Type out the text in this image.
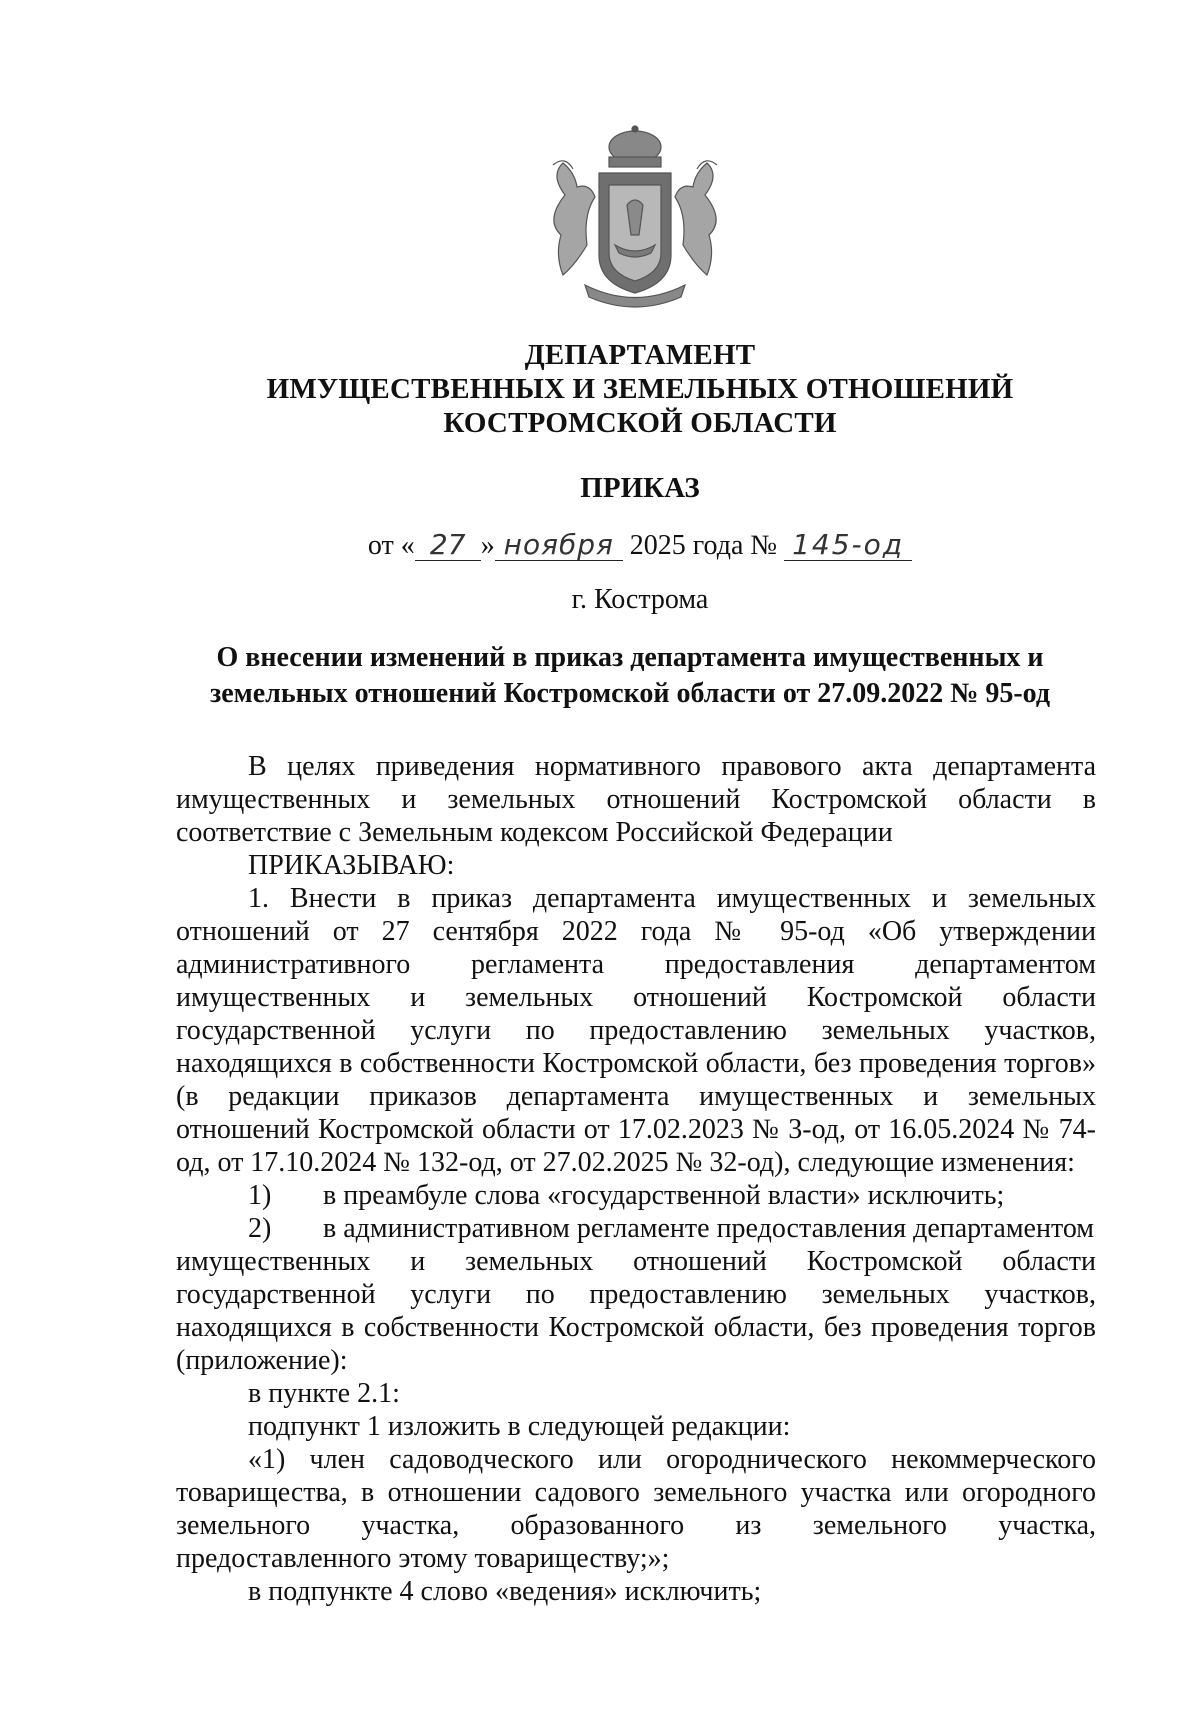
ДЕПАРТАМЕНТ
ИМУЩЕСТВЕННЫХ И ЗЕМЕЛЬНЫХ ОТНОШЕНИЙ
КОСТРОМСКОЙ ОБЛАСТИ
ПРИКАЗ
от « 27 » ноября 2025 года № 145-од
г. Кострома
О внесении изменений в приказ департамента имущественных и
земельных отношений Костромской области от 27.09.2022 № 95-од

В целях приведения нормативного правового акта департамента имущественных и земельных отношений Костромской области в соответствие с Земельным кодексом Российской Федерации

ПРИКАЗЫВАЮ:

1. Внести в приказ департамента имущественных и земельных отношений от 27 сентября 2022 года № 95-од «Об утверждении административного регламента предоставления департаментом имущественных и земельных отношений Костромской области государственной услуги по предоставлению земельных участков, находящихся в собственности Костромской области, без проведения торгов» (в редакции приказов департамента имущественных и земельных отношений Костромской области от 17.02.2023 № 3-од, от 16.05.2024 № 74-од, от 17.10.2024 № 132-од, от 27.02.2025 № 32-од), следующие изменения:

1)	в преамбуле слова «государственной власти» исключить;
2)	в административном регламенте предоставления департаментом

имущественных и земельных отношений Костромской области государственной услуги по предоставлению земельных участков, находящихся в собственности Костромской области, без проведения торгов (приложение):

в пункте 2.1:

подпункт 1 изложить в следующей редакции:

«1) член садоводческого или огороднического некоммерческого товарищества, в отношении садового земельного участка или огородного земельного участка, образованного из земельного участка, предоставленного этому товариществу;»;

в подпункте 4 слово «ведения» исключить;
